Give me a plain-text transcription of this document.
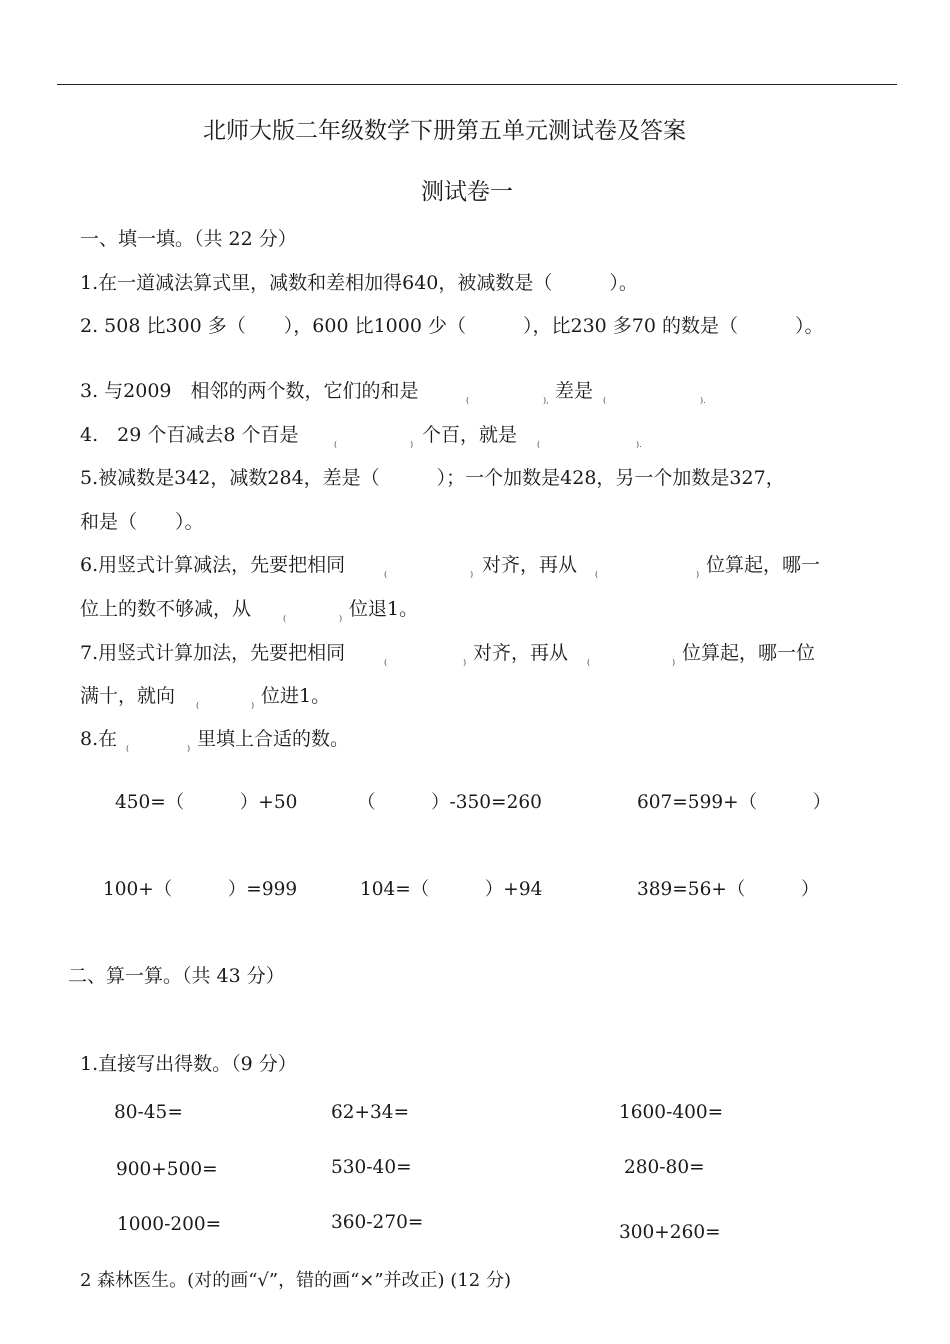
北师大版二年级数学下册第五单元测试卷及答案
测试卷一
一、填一填。（共 22 分）
1.在一道减法算式里，减数和差相加得640，被减数是（　　　）。
2. 508 比300 多（　　），600 比1000 少（　　　），比230 多70 的数是（　　　）。
3. 与2009　相邻的两个数，它们的和是	(	), 差是 (	).
4.　29 个百减去8 个百是	(	) 个百，就是 (	).
5.被减数是342，减数284，差是（　　　）；一个加数是428，另一个加数是327，
和是（　　）。
6.用竖式计算减法，先要把相同	(	) 对齐，再从 (	) 位算起，哪一
位上的数不够减，从	(	) 位退1。
7.用竖式计算加法，先要把相同	(	) 对齐，再从 (	) 位算起，哪一位
满十，就向	(	) 位进1。
8.在 (	) 里填上合适的数。
450=（　　　）+50	（　　　）-350=260	607=599+（　　　）
100+（　　　）=999	104=（　　　）+94	389=56+（　　　）
二、算一算。（共 43 分）
1.直接写出得数。（9 分）
80-45=	62+34=	1600-400=
900+500=	530-40=	280-80=
1000-200=	360-270=	300+260=
2 森林医生。(对的画“√”，错的画“×”并改正) (12 分)
